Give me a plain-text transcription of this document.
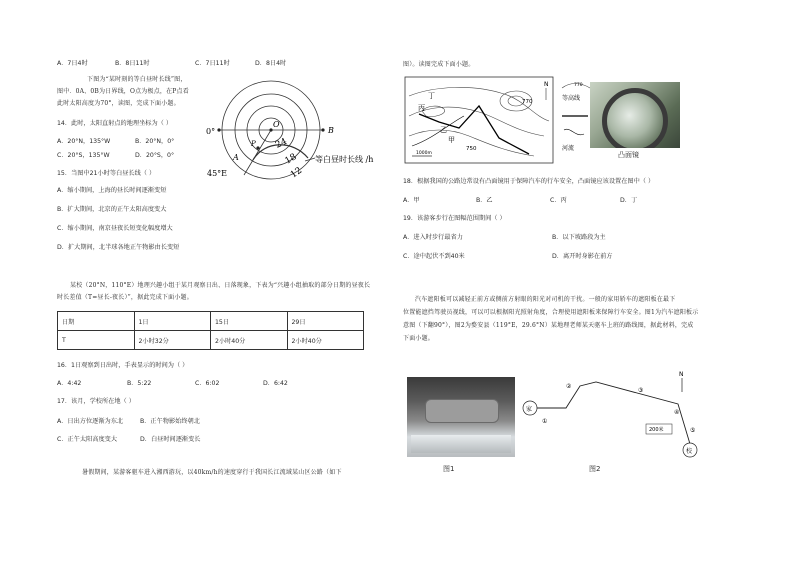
A．7日4时	B．8日11时	C．7日11时	D．8日4时
下图为“某时刻的等白昼时长线”图，
图中．0A、0B为日界线，O点为极点，在P点看
此时太阳高度为70°，读图，完成下面小题。
14．此时，太阳直射点的地理坐标为（ ）
A．20°N，135°W	B．20°N，0°
C．20°S，135°W	D．20°S，0°
15．当图中21小时等白昼长线（ ）
A．缩小期间，上海的昼长时间逐渐变短
B．扩大期间，北京的正午太阳高度变大
C．缩小期间，南京昼夜长短变化幅度增大
D．扩大期间，北半球各地正午物影由长变短
某校（20°N，110°E）地理兴趣小组于某月观察日出、日落现象，下表为“兴趣小组抽取的部分日期的昼夜长
时长差值（T=昼长-夜长）”，据此完成下面小题。
日期	1日	15日	29日
T	2小时32分	2小时40分	2小时40分
16．1日观察到日出时，手表显示的时间为（ ）
A．4:42	B．5:22	C．6:02	D．6:42
17．该月，学校所在地（ ）
A．日出方位逐渐为东北	B．正午物影始终朝北
C．正午太阳高度变大	D．白昼时间逐渐变长
暑假期间，某游客驱车进入湘西游玩，以40km/h的速度穿行于我国长江流域某山区公路（如下
0°	B
O
P
A
45°E
24
18
12
等白昼时长线 /h
图）。读图完成下面小题。
N
丁
丙
乙
甲
770
750
1000m
770
等高线
河流
凸面镜
18．根据我国的公路边常设有凸面镜用于保障汽车的行车安全，凸面镜应该设置在图中（ ）
A．甲	B．乙	C．丙	D．丁
19．该游客步行在图幅范围期间（ ）
A．进入时步行最省力	B．以下坡路段为主
C．途中起伏不到40米	D．离开时身影在前方
汽车遮阳板可以减轻正前方或侧前方射眼的阳光对司机的干扰。一般的家用轿车的遮阳板在最下
位置能遮挡驾驶员视线，可以可以根据阳光照射角度，合理使用遮阳板来保障行车安全。图1为汽车遮阳板示
意图（下翻90°），图2为婺安县（119°E，29.6°N）某地理老师某天驱车上班的路线图，据此材料，完成
下面小题。
图1
家
校
①
②
③
④
⑤
N
200米
图2
